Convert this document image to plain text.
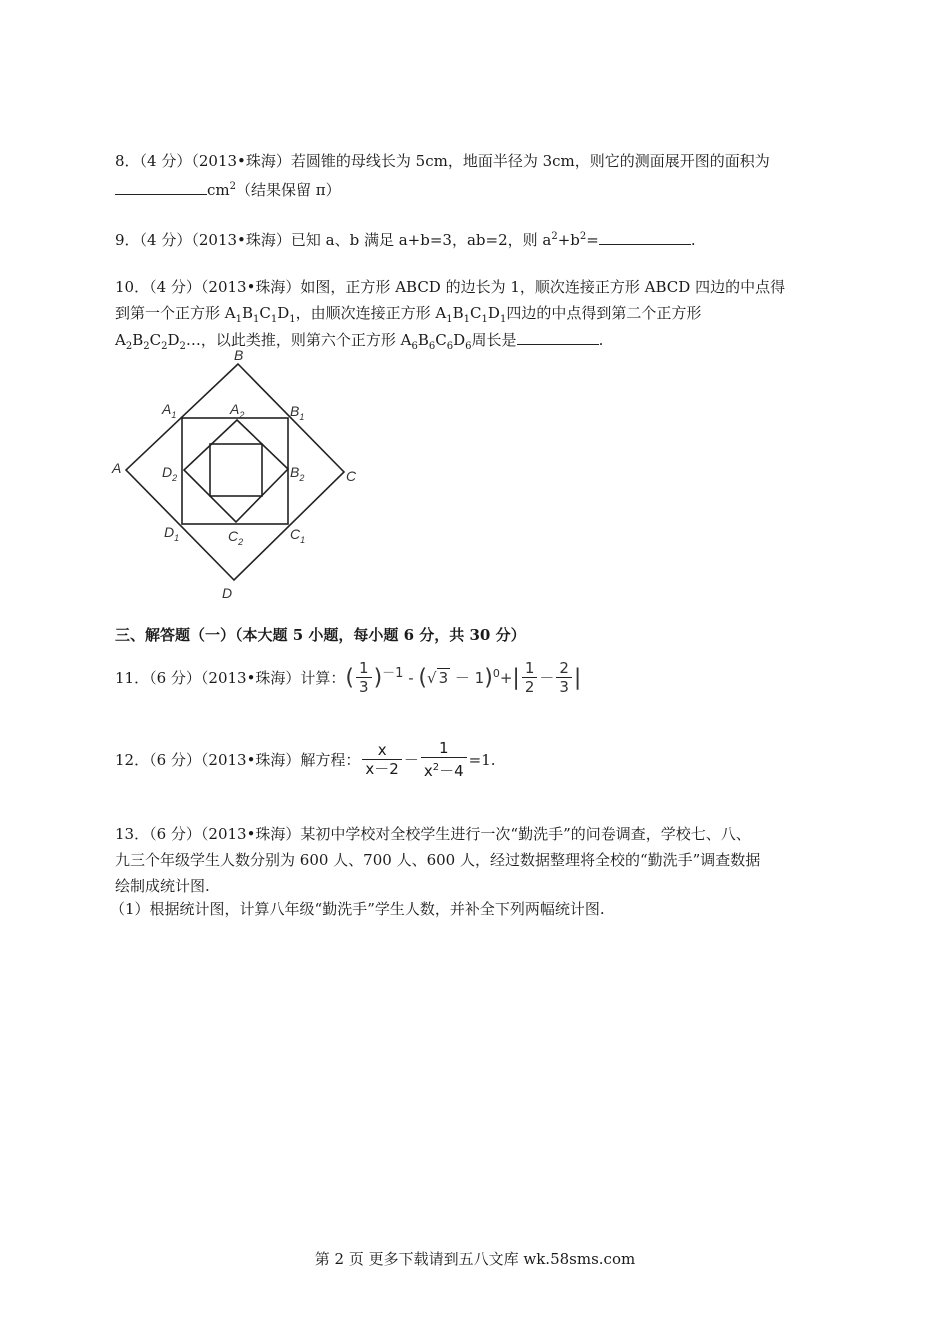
8．（4 分）（2013•珠海）若圆锥的母线长为 5cm，地面半径为 3cm，则它的测面展开图的面积为
$cm^2$（结果保留 π）
9．（4 分）（2013•珠海）已知 a、b 满足 a+b=3，ab=2，则 $a^2+b^2=$	.
10．（4 分）（2013•珠海）如图，正方形 ABCD 的边长为 1，顺次连接正方形 ABCD 四边的中点得
到第一个正方形 $A_1B_1C_1D_1$，由顺次连接正方形 $A_1B_1C_1D_1$四边的中点得到第二个正方形
$A_2B_2C_2D_2\dots$，以此类推，则第六个正方形 $A_6B_6C_6D_6$周长是	.
B
A	C
D
$A_1$	$A_2$	$B_1$
$D_2$	$B_2$
$D_1$	$C_2$	$C_1$
三、解答题（一）（本大题 5 小题，每小题 6 分，共 30 分）
11．（6 分）（2013•珠海）计算：( $\frac{1}{3} )^{-1}$ - (√ $3 - 1)^0+| \frac{1}{2} - \frac{2}{3}$ |
12．（6 分）（2013•珠海）解方程： $\frac{x}{x-2} - \frac{1}{x^2-4} =1$.
13．（6 分）（2013•珠海）某初中学校对全校学生进行一次“勤洗手”的问卷调查，学校七、八、
九三个年级学生人数分别为 600 人、700 人、600 人，经过数据整理将全校的“勤洗手”调查数据
绘制成统计图.
（1）根据统计图，计算八年级“勤洗手”学生人数，并补全下列两幅统计图.
第 2 页 更多下载请到五八文库 wk.58sms.com
